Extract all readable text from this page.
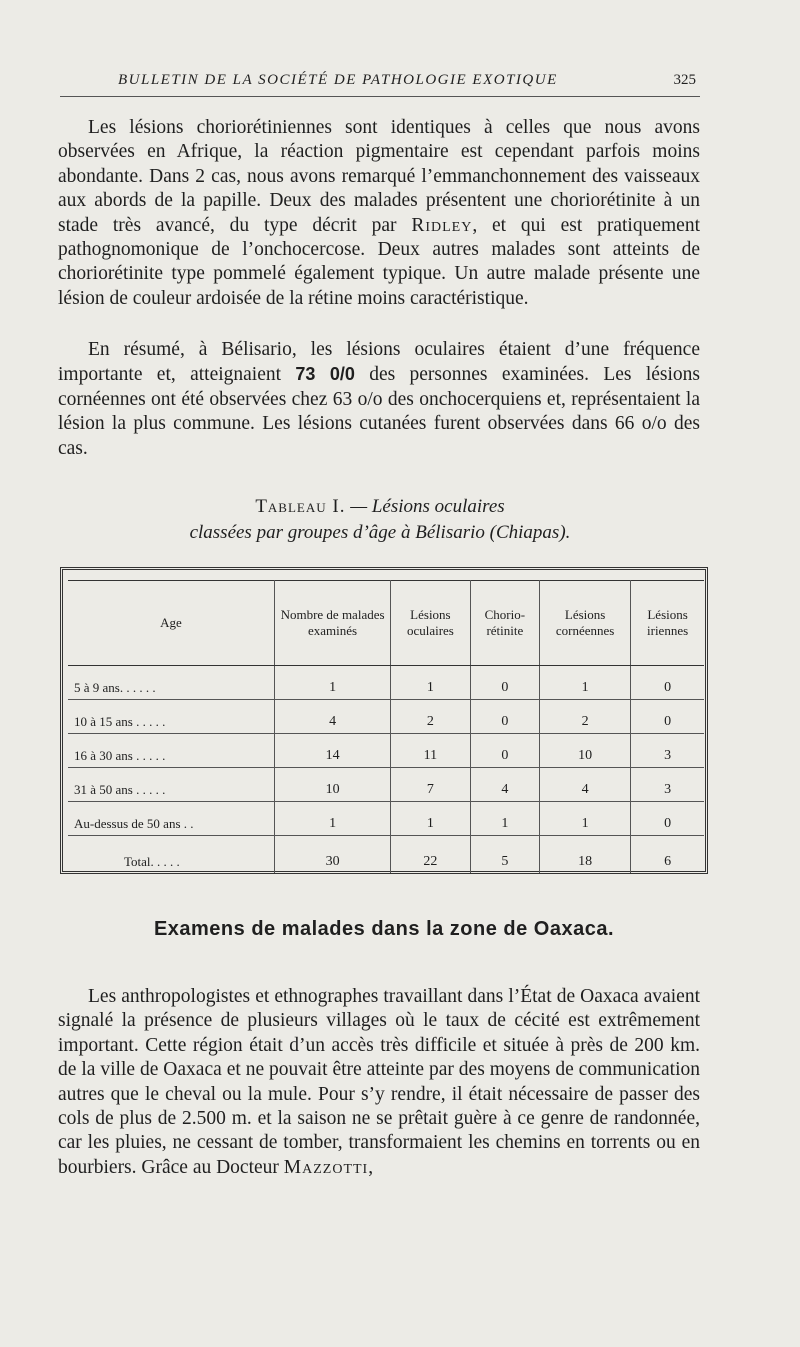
BULLETIN DE LA SOCIÉTÉ DE PATHOLOGIE EXOTIQUE	325

Les lésions choriorétiniennes sont identiques à celles que nous avons observées en Afrique, la réaction pigmentaire est cependant parfois moins abondante. Dans 2 cas, nous avons remarqué l’emmanchonnement des vaisseaux aux abords de la papille. Deux des malades présentent une choriorétinite à un stade très avancé, du type décrit par Ridley, et qui est pratiquement pathognomonique de l’onchocercose. Deux autres malades sont atteints de choriorétinite type pommelé également typique. Un autre malade présente une lésion de couleur ardoisée de la rétine moins caractéristique.

En résumé, à Bélisario, les lésions oculaires étaient d’une fréquence importante et, atteignaient 73 0/0 des personnes examinées. Les lésions cornéennes ont été observées chez 63 o/o des onchocerquiens et, représentaient la lésion la plus commune. Les lésions cutanées furent observées dans 66 o/o des cas.

Tableau I. — Lésions oculaires
classées par groupes d’âge à Bélisario (Chiapas).
Age	Nombre de malades examinés	Lésions oculaires	Chorio-rétinite	Lésions cornéennes	Lésions iriennes
5 à 9 ans. . . . . .	1	1	0	1	0
10 à 15 ans . . . . .	4	2	0	2	0
16 à 30 ans . . . . .	14	11	0	10	3
31 à 50 ans . . . . .	10	7	4	4	3
Au-dessus de 50 ans . .	1	1	1	1	0
Total. . . . .	30	22	5	18	6
Examens de malades dans la zone de Oaxaca.

Les anthropologistes et ethnographes travaillant dans l’État de Oaxaca avaient signalé la présence de plusieurs villages où le taux de cécité est extrêmement important. Cette région était d’un accès très difficile et située à près de 200 km. de la ville de Oaxaca et ne pouvait être atteinte par des moyens de communication autres que le cheval ou la mule. Pour s’y rendre, il était nécessaire de passer des cols de plus de 2.500 m. et la saison ne se prêtait guère à ce genre de randonnée, car les pluies, ne cessant de tomber, transformaient les chemins en torrents ou en bourbiers. Grâce au Docteur Mazzotti,
